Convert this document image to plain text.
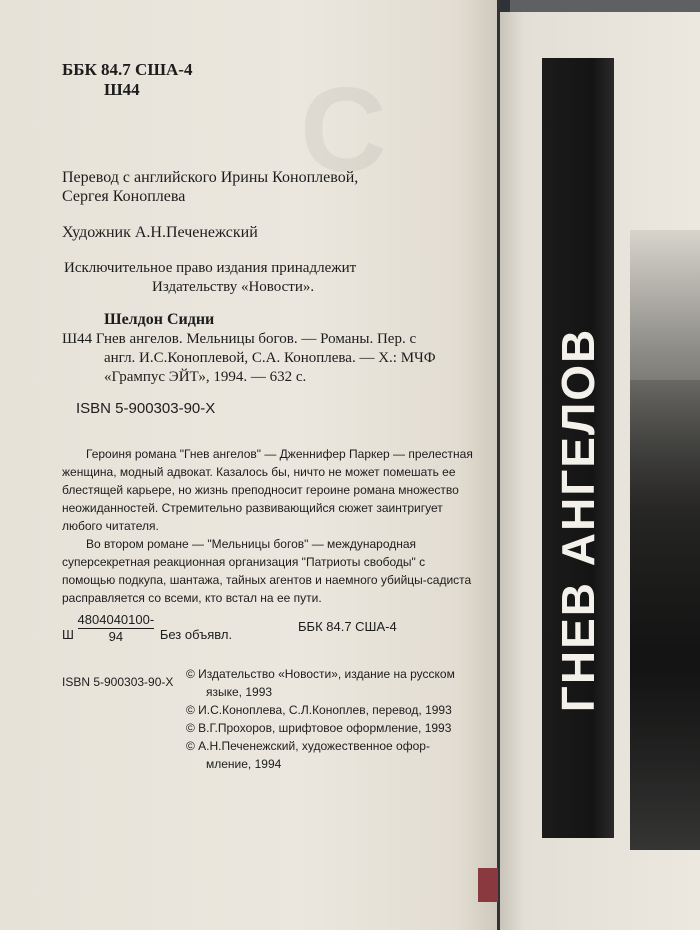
С
ББК 84.7 США-4
Ш44
Перевод с английского Ирины Коноплевой,
Сергея Коноплева
Художник А.Н.Печенежский
Исключительное право издания принадлежит
Издательству «Новости».
Шелдон Сидни
Ш44 Гнев ангелов. Мельницы богов. — Романы. Пер. с
англ. И.С.Коноплевой, С.А. Коноплева. — Х.: МЧФ
«Грампус ЭЙТ», 1994. — 632 с.
ISBN 5-900303-90-X
Героиня романа "Гнев ангелов" — Дженнифер Паркер — прелестная женщина, модный адвокат. Казалось бы, ничто не может помешать ее блестящей карьере, но жизнь преподносит героине романа множество неожиданностей. Стремительно развивающийся сюжет заинтригует любого читателя.
Во втором романе — "Мельницы богов" — международная суперсекретная реакционная организация "Патриоты свободы" с помощью подкупа, шантажа, тайных агентов и наемного убийцы-садиста расправляется со всеми, кто встал на ее пути.
Ш $\frac{4804040100-}{94}$ Без объявл.
ББК 84.7 США-4
ISBN 5-900303-90-X
© Издательство «Новости», издание на русском
языке, 1993
© И.С.Коноплева, С.Л.Коноплев, перевод, 1993
© В.Г.Прохоров, шрифтовое оформление, 1993
© А.Н.Печенежский, художественное офор-
мление, 1994
ГНЕВ АНГЕЛОВ
